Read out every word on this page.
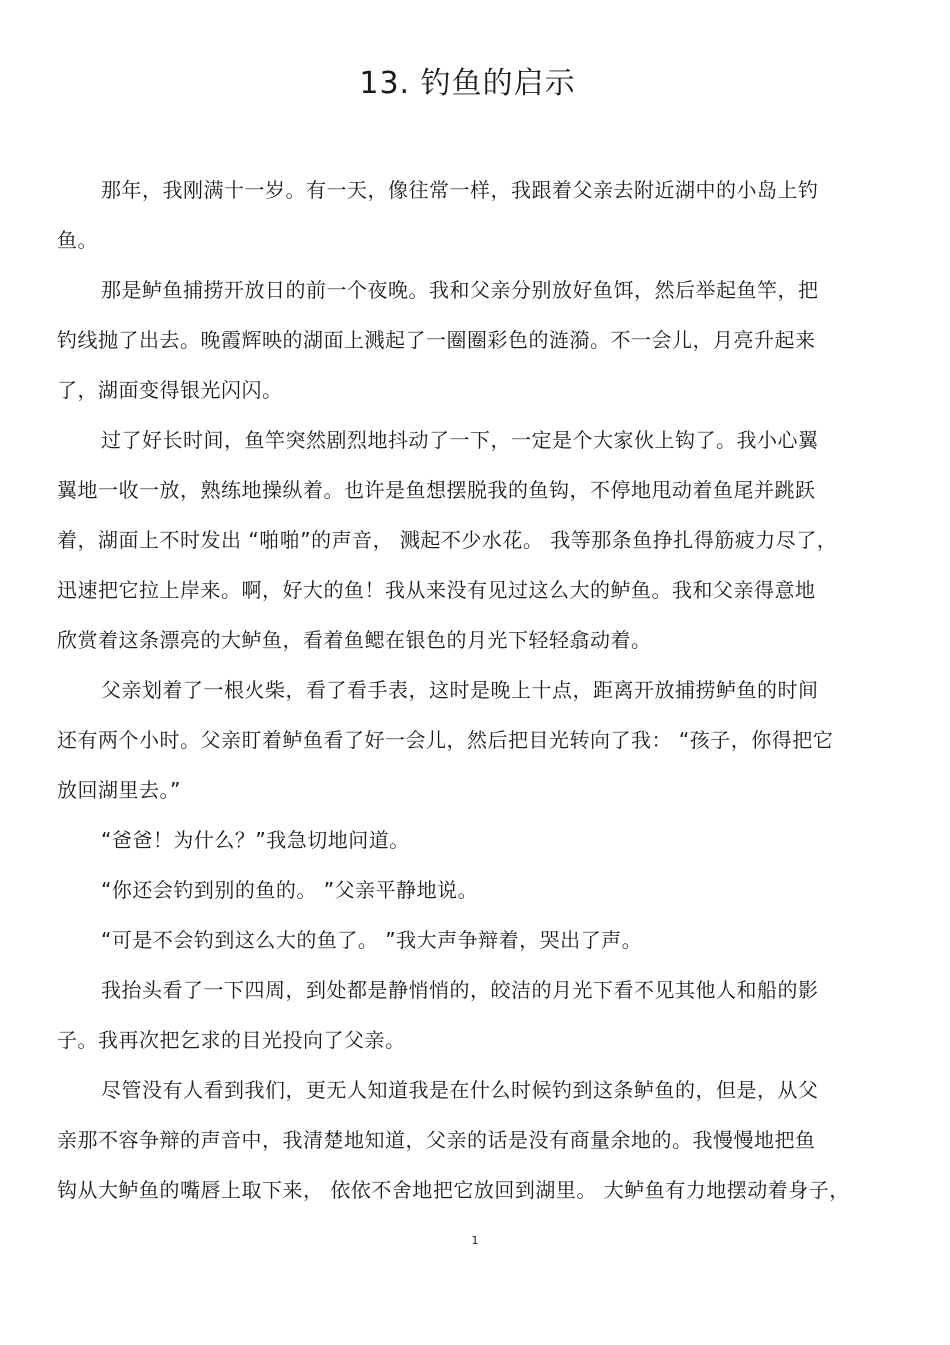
13. 钓鱼的启示
那年，我刚满十一岁。有一天，像往常一样，我跟着父亲去附近湖中的小岛上钓
鱼。
那是鲈鱼捕捞开放日的前一个夜晚。我和父亲分别放好鱼饵，然后举起鱼竿，把
钓线抛了出去。晚霞辉映的湖面上溅起了一圈圈彩色的涟漪。不一会儿，月亮升起来
了，湖面变得银光闪闪。
过了好长时间，鱼竿突然剧烈地抖动了一下，一定是个大家伙上钩了。我小心翼
翼地一收一放，熟练地操纵着。也许是鱼想摆脱我的鱼钩，不停地甩动着鱼尾并跳跃
着，湖面上不时发出 “啪啪”的声音， 溅起不少水花。 我等那条鱼挣扎得筋疲力尽了，
迅速把它拉上岸来。啊，好大的鱼！我从来没有见过这么大的鲈鱼。我和父亲得意地
欣赏着这条漂亮的大鲈鱼，看着鱼鳃在银色的月光下轻轻翕动着。
父亲划着了一根火柴，看了看手表，这时是晚上十点，距离开放捕捞鲈鱼的时间
还有两个小时。父亲盯着鲈鱼看了好一会儿，然后把目光转向了我： “孩子，你得把它
放回湖里去。”
“爸爸！为什么？”我急切地问道。
“你还会钓到别的鱼的。 ”父亲平静地说。
“可是不会钓到这么大的鱼了。 ”我大声争辩着，哭出了声。
我抬头看了一下四周，到处都是静悄悄的，皎洁的月光下看不见其他人和船的影
子。我再次把乞求的目光投向了父亲。
尽管没有人看到我们，更无人知道我是在什么时候钓到这条鲈鱼的，但是，从父
亲那不容争辩的声音中，我清楚地知道，父亲的话是没有商量余地的。我慢慢地把鱼
钩从大鲈鱼的嘴唇上取下来， 依依不舍地把它放回到湖里。 大鲈鱼有力地摆动着身子，
1
